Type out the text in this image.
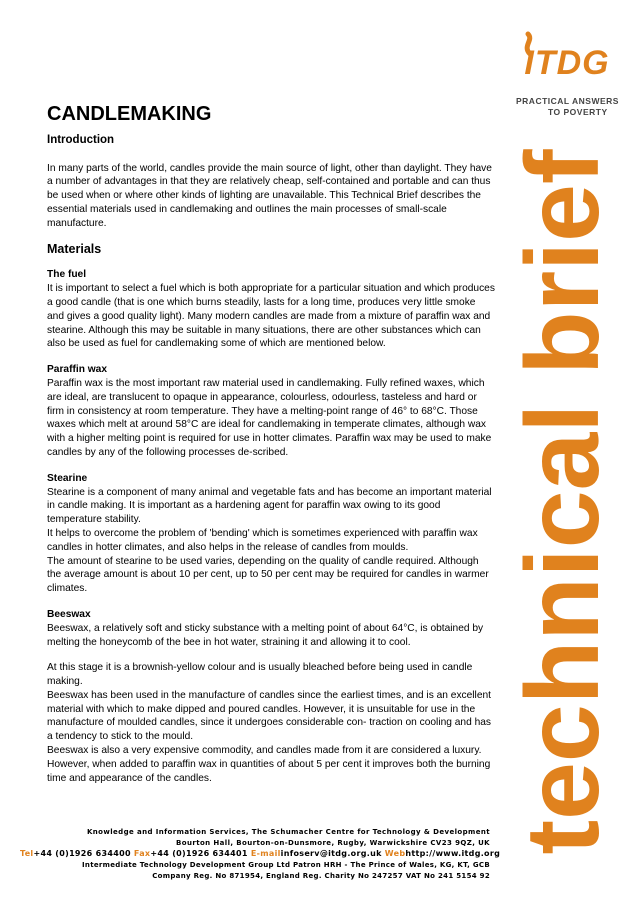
ITDG
PRACTICAL ANSWERS
TO POVERTY
technical brief
CANDLEMAKING
Introduction

In many parts of the world, candles provide the main source of light, other than daylight. They have a number of advantages in that they are relatively cheap, self-contained and portable and can thus be used when or where other kinds of lighting are unavailable. This Technical Brief describes the essential materials used in candlemaking and outlines the main processes of small-scale manufacture.

Materials
The fuel

It is important to select a fuel which is both appropriate for a particular situation and which produces a good candle (that is one which burns steadily, lasts for a long time, produces very little smoke and gives a good quality light). Many modern candles are made from a mixture of paraffin wax and stearine. Although this may be suitable in many situations, there are other substances which can also be used as fuel for candlemaking some of which are mentioned below.

Paraffin wax

Paraffin wax is the most important raw material used in candlemaking. Fully refined waxes, which are ideal, are translucent to opaque in appearance, colourless, odourless, tasteless and hard or firm in consistency at room temperature. They have a melting-point range of 46° to 68°C. Those waxes which melt at around 58°C are ideal for candlemaking in temperate climates, although wax with a higher melting point is required for use in hotter climates. Paraffin wax may be used to make candles by any of the following processes de-scribed.

Stearine

Stearine is a component of many animal and vegetable fats and has become an important material in candle making. It is important as a hardening agent for paraffin wax owing to its good temperature stability.

It helps to overcome the problem of 'bending' which is sometimes experienced with paraffin wax candles in hotter climates, and also helps in the release of candles from moulds.

The amount of stearine to be used varies, depending on the quality of candle required. Although the average amount is about 10 per cent, up to 50 per cent may be required for candles in warmer climates.

Beeswax

Beeswax, a relatively soft and sticky substance with a melting point of about 64°C, is obtained by melting the honeycomb of the bee in hot water, straining it and allowing it to cool.

At this stage it is a brownish-yellow colour and is usually bleached before being used in candle making.

Beeswax has been used in the manufacture of candles since the earliest times, and is an excellent material with which to make dipped and poured candles. However, it is unsuitable for use in the manufacture of moulded candles, since it undergoes considerable con- traction on cooling and has a tendency to stick to the mould.

Beeswax is also a very expensive commodity, and candles made from it are considered a luxury. However, when added to paraffin wax in quantities of about 5 per cent it improves both the burning time and appearance of the candles.

Knowledge and Information Services, The Schumacher Centre for Technology & Development
Bourton Hall, Bourton-on-Dunsmore, Rugby, Warwickshire CV23 9QZ, UK
Tel+44 (0)1926 634400 Fax+44 (0)1926 634401 E-mailinfoserv@itdg.org.uk Webhttp://www.itdg.org
Intermediate Technology Development Group Ltd Patron HRH - The Prince of Wales, KG, KT, GCB
Company Reg. No 871954, England Reg. Charity No 247257 VAT No 241 5154 92
